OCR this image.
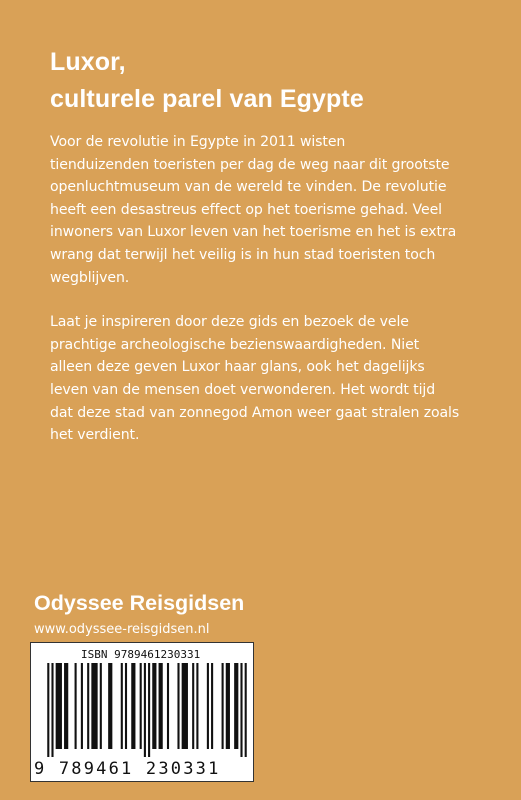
Luxor,
culturele parel van Egypte

Voor de revolutie in Egypte in 2011 wisten
tienduizenden toeristen per dag de weg naar dit grootste
openluchtmuseum van de wereld te vinden. De revolutie
heeft een desastreus effect op het toerisme gehad. Veel
inwoners van Luxor leven van het toerisme en het is extra
wrang dat terwijl het veilig is in hun stad toeristen toch
wegblijven.

Laat je inspireren door deze gids en bezoek de vele
prachtige archeologische bezienswaardigheden. Niet
alleen deze geven Luxor haar glans, ook het dagelijks
leven van de mensen doet verwonderen. Het wordt tijd
dat deze stad van zonnegod Amon weer gaat stralen zoals
het verdient.

Odyssee Reisgidsen
www.odyssee-reisgidsen.nl
ISBN 9789461230331
9 789461 230331
